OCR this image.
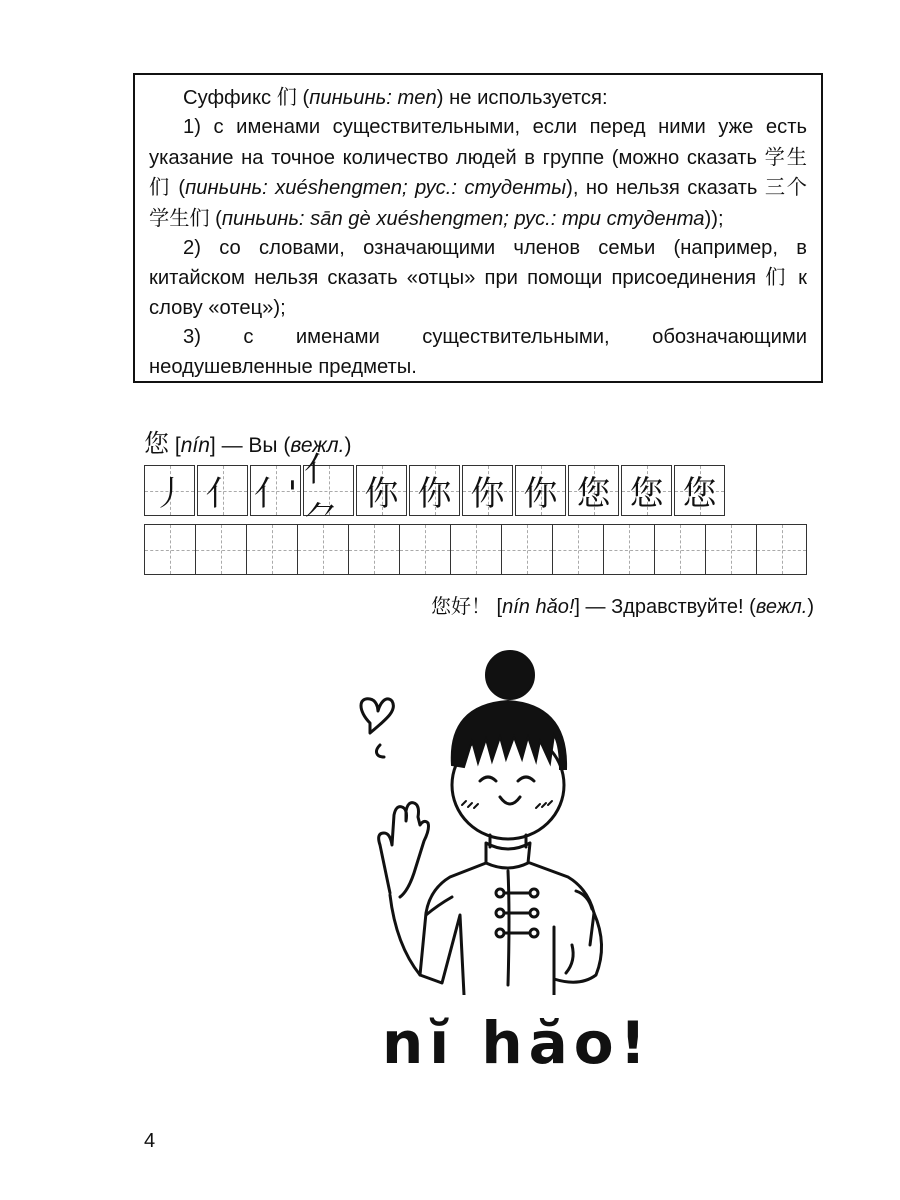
Суффикс 们 (пиньинь: men) не используется:

1) с именами существительными, если перед ними уже есть указание на точное количество людей в группе (можно сказать 学生们 (пиньинь: xuéshengmen; рус.: студенты), но нельзя сказать 三个学生们 (пиньинь: sān gè xuéshengmen; рус.: три студента));

2) со словами, означающими членов семьи (например, в китайском нельзя сказать «отцы» при помощи присоединения 们 к слову «отец»);

3) с именами существительными, обозначающими неодушевленные предметы.

您 [nín] — Вы (вежл.)
丿 亻 亻'
亻⺈
你 你 你 你 您 您 您
您好！ [nín hǎo!] — Здравствуйте! (вежл.)
nĭ hăo!
4
